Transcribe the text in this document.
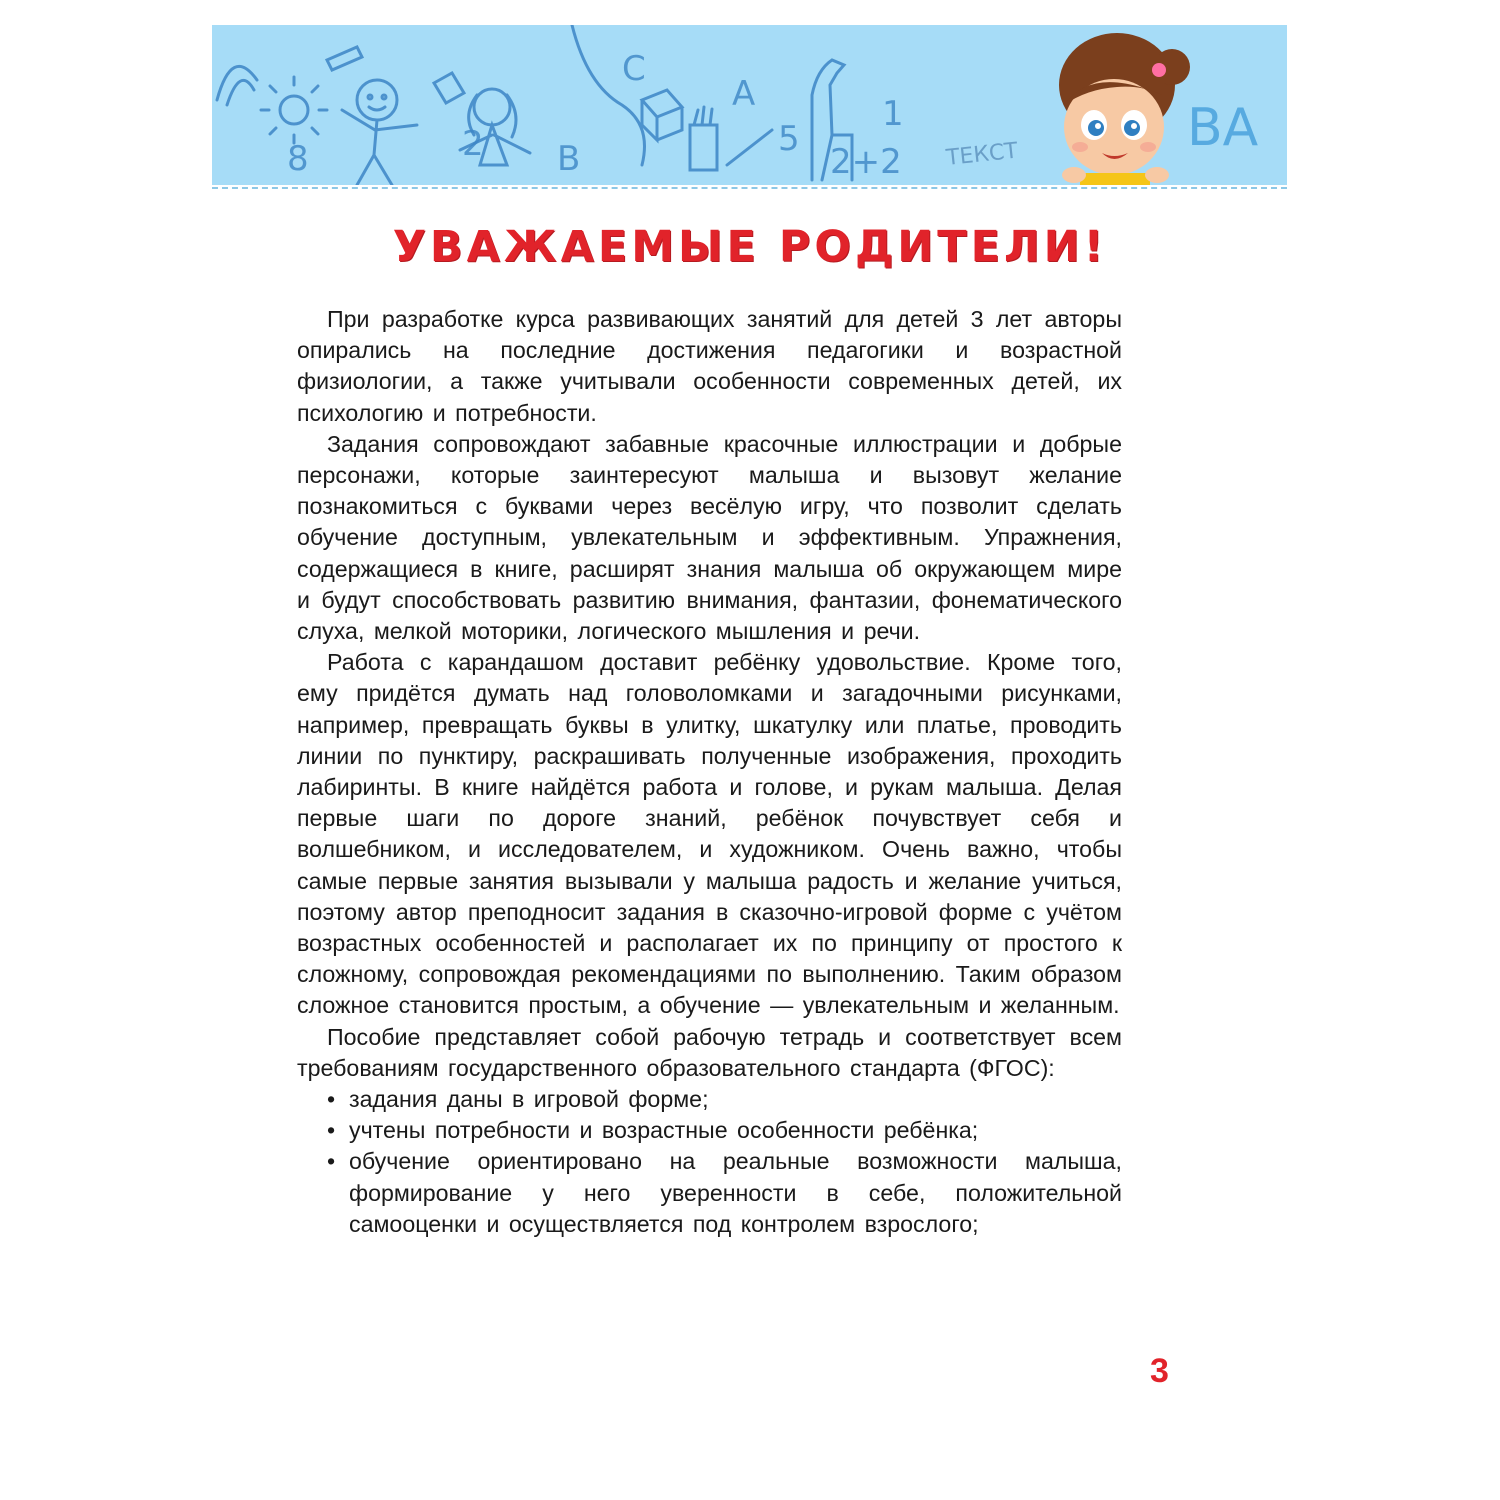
C
A
B	5
8	2
1
2+2 ТЕКСТ	ВА
УВАЖАЕМЫЕ РОДИТЕЛИ!

При разработке курса развивающих занятий для детей 3 лет авторы опирались на последние достижения педагогики и возрастной физиологии, а также учитывали особенности современных детей, их психологию и потребности.

Задания сопровождают забавные красочные иллюстрации и добрые персонажи, которые заинтересуют малыша и вызовут желание познакомиться с буквами через весёлую игру, что позволит сделать обучение доступным, увлекательным и эффективным. Упражнения, содержащиеся в книге, расширят знания малыша об окружающем мире и будут способствовать развитию внимания, фантазии, фонематического слуха, мелкой моторики, логического мышления и речи.

Работа с карандашом доставит ребёнку удовольствие. Кроме того, ему придётся думать над головоломками и загадочными рисунками, например, превращать буквы в улитку, шкатулку или платье, проводить линии по пунктиру, раскрашивать полученные изображения, проходить лабиринты. В книге найдётся работа и голове, и рукам малыша. Делая первые шаги по дороге знаний, ребёнок почувствует себя и волшебником, и исследователем, и художником. Очень важно, чтобы самые первые занятия вызывали у малыша радость и желание учиться, поэтому автор преподносит задания в сказочно-игровой форме с учётом возрастных особенностей и располагает их по принципу от простого к сложному, сопровождая рекомендациями по выполнению. Таким образом сложное становится простым, а обучение — увлекательным и желанным.

Пособие представляет собой рабочую тетрадь и соответствует всем требованиям государственного образовательного стандарта (ФГОС):

• задания даны в игровой форме;
• учтены потребности и возрастные особенности ребёнка;
• обучение ориентировано на реальные возможности малыша, формирование у него уверенности в себе, положительной самооценки и осуществляется под контролем взрослого;
3
